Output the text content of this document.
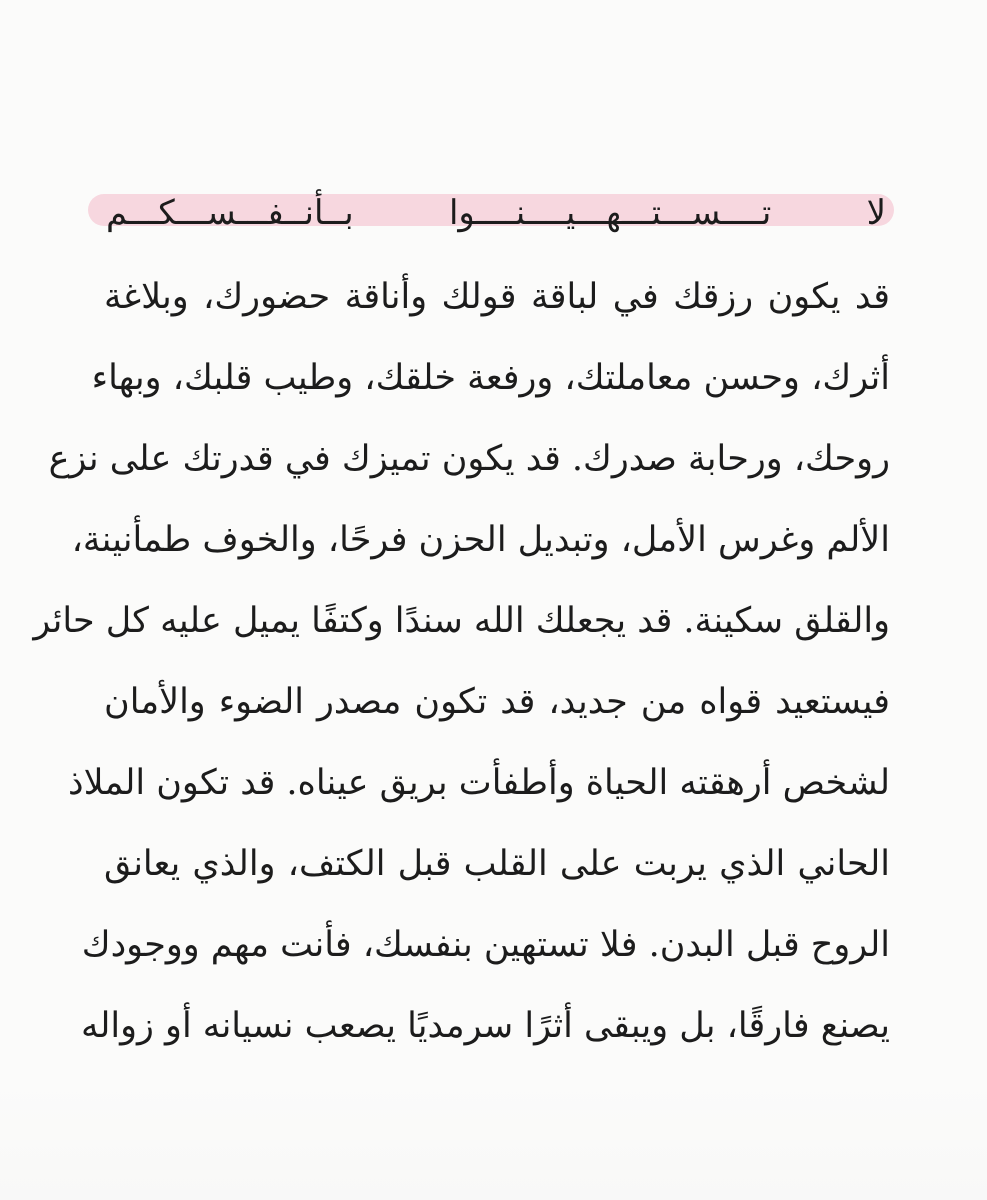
لا تــــســـتـــهـــيــــنــــوا بــأنــفـــســـكـــم
قد يكون رزقك في لباقة قولك وأناقة حضورك، وبلاغة
أثرك، وحسن معاملتك، ورفعة خلقك، وطيب قلبك، وبهاء
روحك، ورحابة صدرك. قد يكون تميزك في قدرتك على نزع
الألم وغرس الأمل، وتبديل الحزن فرحًا، والخوف طمأنينة،
والقلق سكينة. قد يجعلك الله سندًا وكتفًا يميل عليه كل حائر
فيستعيد قواه من جديد، قد تكون مصدر الضوء والأمان
لشخص أرهقته الحياة وأطفأت بريق عيناه. قد تكون الملاذ
الحاني الذي يربت على القلب قبل الكتف، والذي يعانق
الروح قبل البدن. فلا تستهين بنفسك، فأنت مهم ووجودك
يصنع فارقًا، بل ويبقى أثرًا سرمديًا يصعب نسيانه أو زواله
